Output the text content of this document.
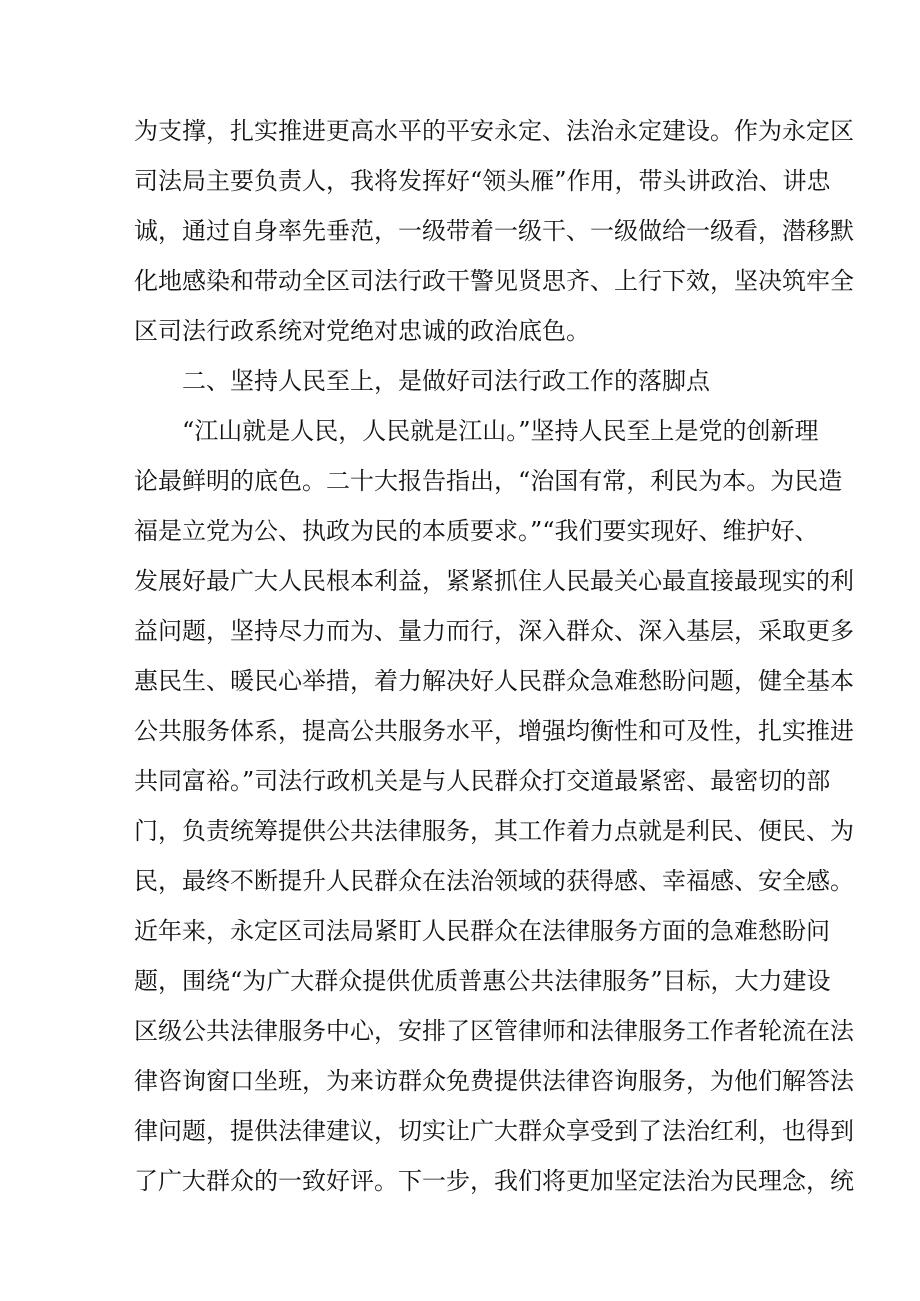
为支撑，扎实推进更高水平的平安永定、法治永定建设。作为永定区
司法局主要负责人，我将发挥好“领头雁”作用，带头讲政治、讲忠
诚，通过自身率先垂范，一级带着一级干、一级做给一级看，潜移默
化地感染和带动全区司法行政干警见贤思齐、上行下效，坚决筑牢全
区司法行政系统对党绝对忠诚的政治底色。
二、坚持人民至上，是做好司法行政工作的落脚点
“江山就是人民，人民就是江山。”坚持人民至上是党的创新理
论最鲜明的底色。二十大报告指出，“治国有常，利民为本。为民造
福是立党为公、执政为民的本质要求。”“我们要实现好、维护好、
发展好最广大人民根本利益，紧紧抓住人民最关心最直接最现实的利
益问题，坚持尽力而为、量力而行，深入群众、深入基层，采取更多
惠民生、暖民心举措，着力解决好人民群众急难愁盼问题，健全基本
公共服务体系，提高公共服务水平，增强均衡性和可及性，扎实推进
共同富裕。”司法行政机关是与人民群众打交道最紧密、最密切的部
门，负责统筹提供公共法律服务，其工作着力点就是利民、便民、为
民，最终不断提升人民群众在法治领域的获得感、幸福感、安全感。
近年来，永定区司法局紧盯人民群众在法律服务方面的急难愁盼问
题，围绕“为广大群众提供优质普惠公共法律服务”目标，大力建设
区级公共法律服务中心，安排了区管律师和法律服务工作者轮流在法
律咨询窗口坐班，为来访群众免费提供法律咨询服务，为他们解答法
律问题，提供法律建议，切实让广大群众享受到了法治红利，也得到
了广大群众的一致好评。下一步，我们将更加坚定法治为民理念，统
